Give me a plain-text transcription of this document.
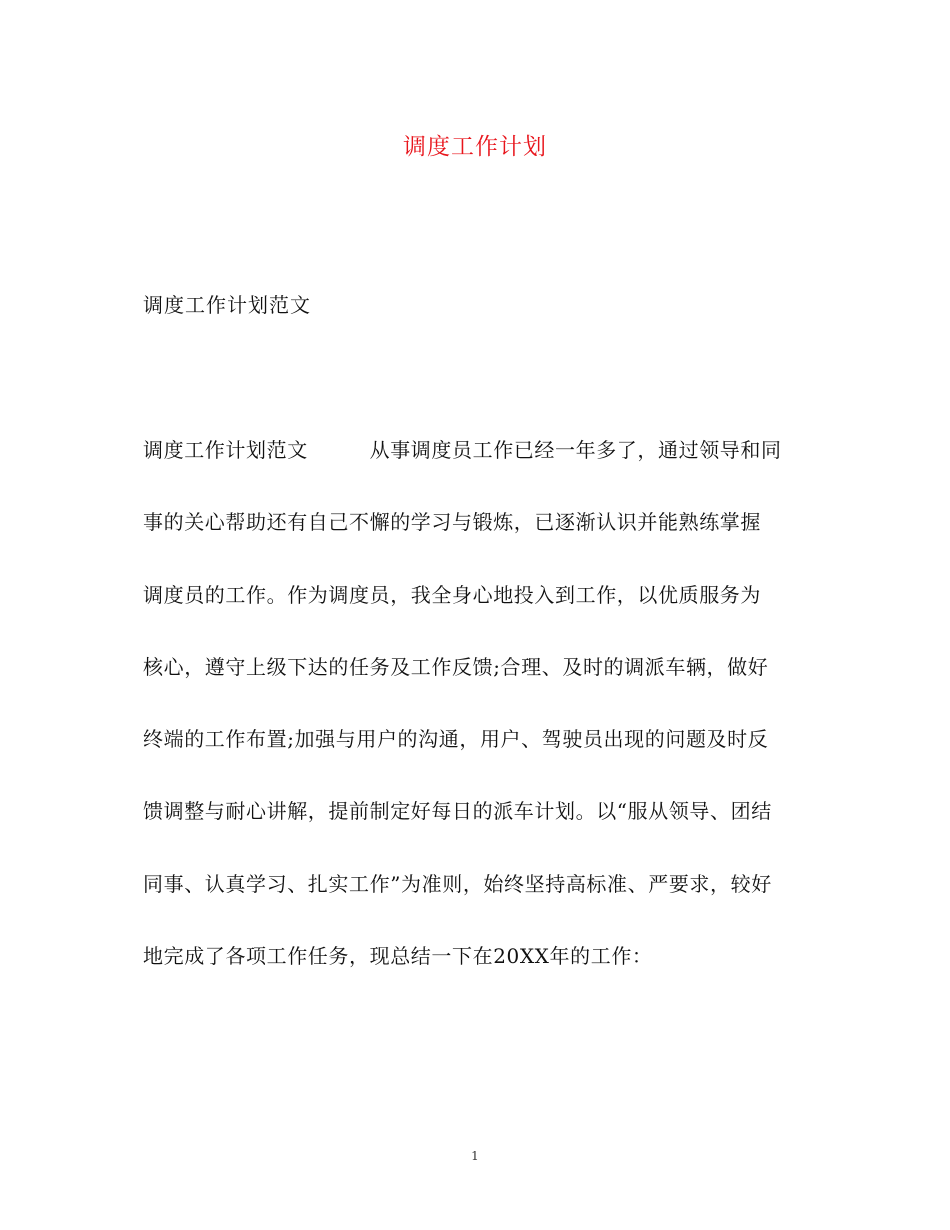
调度工作计划
调度工作计划范文
调度工作计划范文　　　从事调度员工作已经一年多了，通过领导和同
事的关心帮助还有自己不懈的学习与锻炼，已逐渐认识并能熟练掌握
调度员的工作。作为调度员，我全身心地投入到工作，以优质服务为
核心，遵守上级下达的任务及工作反馈;合理、及时的调派车辆，做好
终端的工作布置;加强与用户的沟通，用户、驾驶员出现的问题及时反
馈调整与耐心讲解，提前制定好每日的派车计划。以“服从领导、团结
同事、认真学习、扎实工作”为准则，始终坚持高标准、严要求，较好
地完成了各项工作任务，现总结一下在20XX年的工作：
1
